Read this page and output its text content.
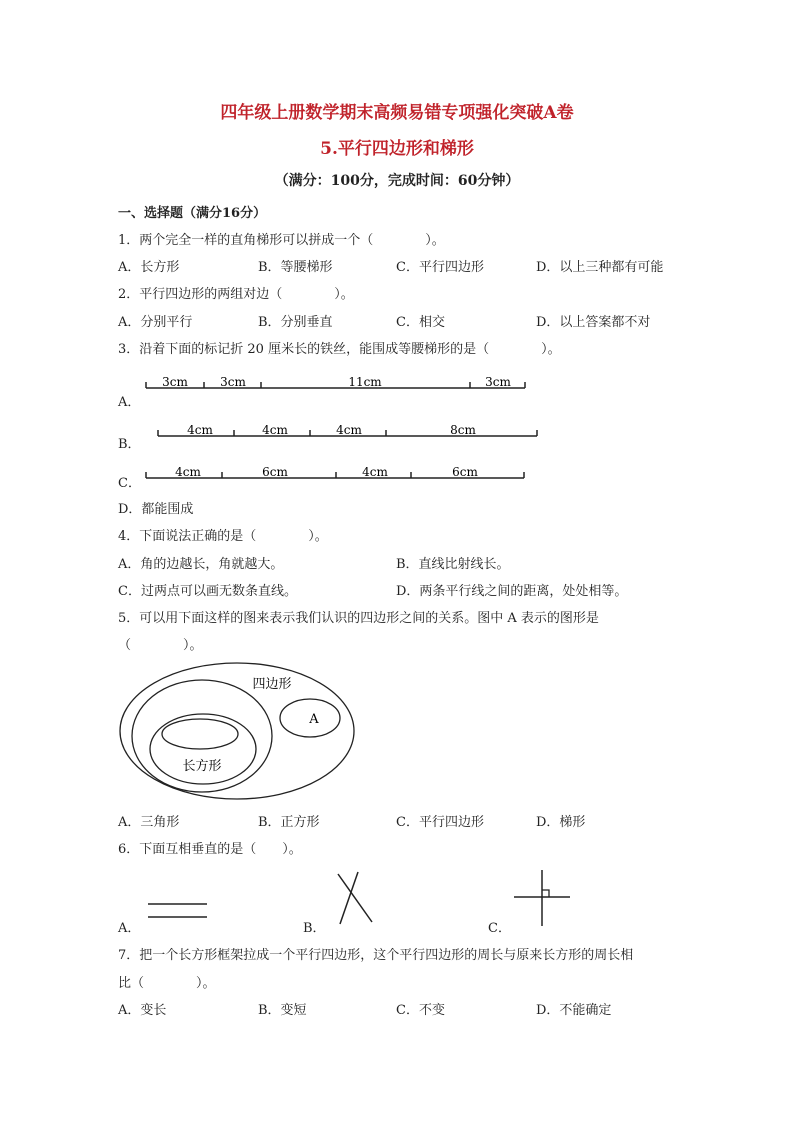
四年级上册数学期末高频易错专项强化突破A卷
5.平行四边形和梯形
（满分：100分，完成时间：60分钟）
一、选择题（满分16分）
1．两个完全一样的直角梯形可以拼成一个（　　　　）。
A．长方形	B．等腰梯形	C．平行四边形	D．以上三种都有可能
2．平行四边形的两组对边（　　　　）。
A．分别平行	B．分别垂直	C．相交	D．以上答案都不对
3．沿着下面的标记折 20 厘米长的铁丝，能围成等腰梯形的是（　　　　）。
A．
3cm	3cm	11cm	3cm
B．
4cm	4cm	4cm	8cm
C．
4cm	6cm	4cm	6cm
D．都能围成
4．下面说法正确的是（　　　　）。
A．角的边越长，角就越大。	B．直线比射线长。
C．过两点可以画无数条直线。	D．两条平行线之间的距离，处处相等。
5．可以用下面这样的图来表示我们认识的四边形之间的关系。图中 A 表示的图形是
（　　　　）。
四边形
A
长方形
A．三角形	B．正方形	C．平行四边形	D．梯形
6．下面互相垂直的是（　　）。
A．	B．	C．
7．把一个长方形框架拉成一个平行四边形，这个平行四边形的周长与原来长方形的周长相
比（　　　　）。
A．变长	B．变短	C．不变	D．不能确定
